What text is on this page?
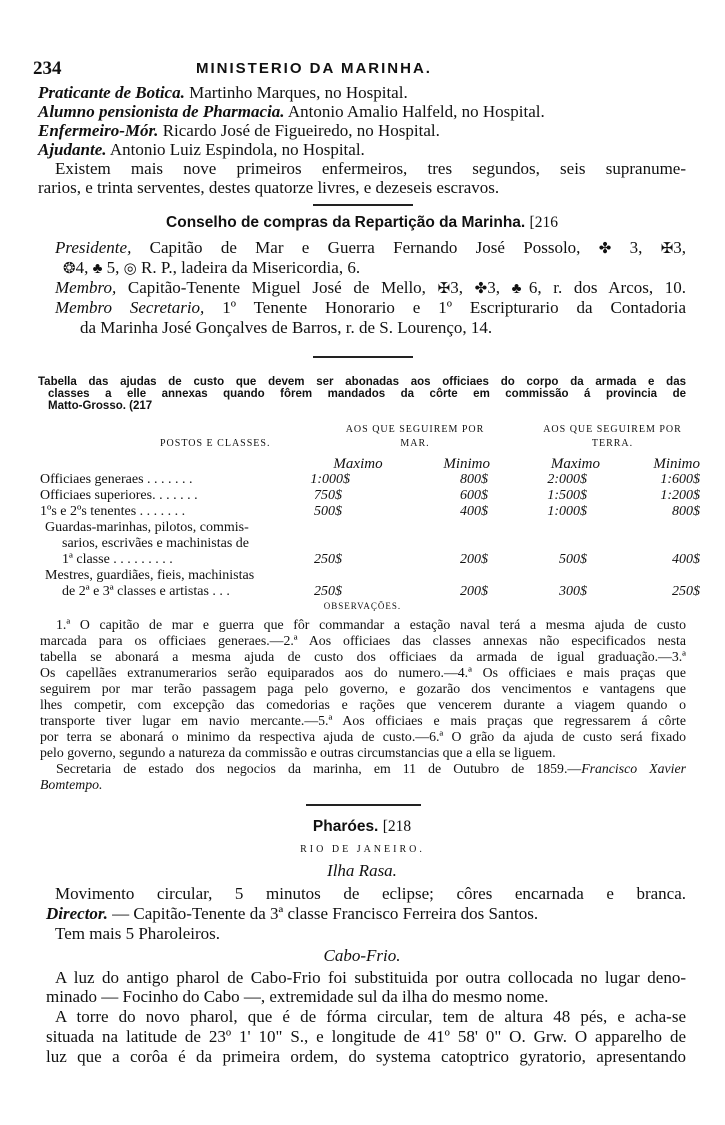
234	MINISTERIO DA MARINHA.
Praticante de Botica. Martinho Marques, no Hospital.
Alumno pensionista de Pharmacia. Antonio Amalio Halfeld, no Hospital.
Enfermeiro-Mór. Ricardo José de Figueiredo, no Hospital.
Ajudante. Antonio Luiz Espindola, no Hospital.
Existem mais nove primeiros enfermeiros, tres segundos, seis supranume-
rarios, e trinta serventes, destes quatorze livres, e dezeseis escravos.
Conselho de compras da Repartição da Marinha. [216
Presidente, Capitão de Mar e Guerra Fernando José Possolo, ✤ 3, ✠3,
❂4, ♣ 5, ◎ R. P., ladeira da Misericordia, 6.
Membro, Capitão-Tenente Miguel José de Mello, ✠3, ✤3, ♣6, r. dos Arcos, 10.
Membro Secretario, 1º Tenente Honorario e 1º Escripturario da Contadoria
da Marinha José Gonçalves de Barros, r. de S. Lourenço, 14.
Tabella das ajudas de custo que devem ser abonadas aos officiaes do corpo da armada e das
classes a elle annexas quando fôrem mandados da côrte em commissão á provincia de
Matto-Grosso. (217
POSTOS E CLASSES.
AOS QUE SEGUIREM POR
MAR.
AOS QUE SEGUIREM POR
TERRA.
Maximo	Minimo	Maximo	Minimo
Officiaes generaes . . . . . . .	1:000$	800$	2:000$	1:600$
Officiaes superiores. . . . . . .	750$	600$	1:500$	1:200$
1ºs e 2ºs tenentes . . . . . . .	500$	400$	1:000$	800$
Guardas-marinhas, pilotos, commis-
sarios, escrivães e machinistas de
1ª classe . . . . . . . . .	250$	200$	500$	400$
Mestres, guardiães, fieis, machinistas
de 2ª e 3ª classes e artistas . . .	250$	200$	300$	250$
OBSERVAÇÕES.
1.ª O capitão de mar e guerra que fôr commandar a estação naval terá a mesma ajuda de custo
marcada para os officiaes generaes.—2.ª Aos officiaes das classes annexas não especificados nesta
tabella se abonará a mesma ajuda de custo dos officiaes da armada de igual graduação.—3.ª
Os capellães extranumerarios serão equiparados aos do numero.—4.ª Os officiaes e mais praças que
seguirem por mar terão passagem paga pelo governo, e gozarão dos vencimentos e vantagens que
lhes competir, com excepção das comedorias e rações que vencerem durante a viagem quando o
transporte tiver lugar em navio mercante.—5.ª Aos officiaes e mais praças que regressarem á côrte
por terra se abonará o minimo da respectiva ajuda de custo.—6.ª O grão da ajuda de custo será fixado
pelo governo, segundo a natureza da commissão e outras circumstancias que a ella se liguem.
Secretaria de estado dos negocios da marinha, em 11 de Outubro de 1859.—Francisco Xavier
Bomtempo.
Pharóes. [218
RIO DE JANEIRO.
Ilha Rasa.
Movimento circular, 5 minutos de eclipse; côres encarnada e branca.
Director. — Capitão-Tenente da 3ª classe Francisco Ferreira dos Santos.
Tem mais 5 Pharoleiros.
Cabo-Frio.
A luz do antigo pharol de Cabo-Frio foi substituida por outra collocada no lugar deno-
minado — Focinho do Cabo —, extremidade sul da ilha do mesmo nome.
A torre do novo pharol, que é de fórma circular, tem de altura 48 pés, e acha-se
situada na latitude de 23º 1' 10" S., e longitude de 41º 58' 0" O. Grw. O apparelho de
luz que a corôa é da primeira ordem, do systema catoptrico gyratorio, apresentando
